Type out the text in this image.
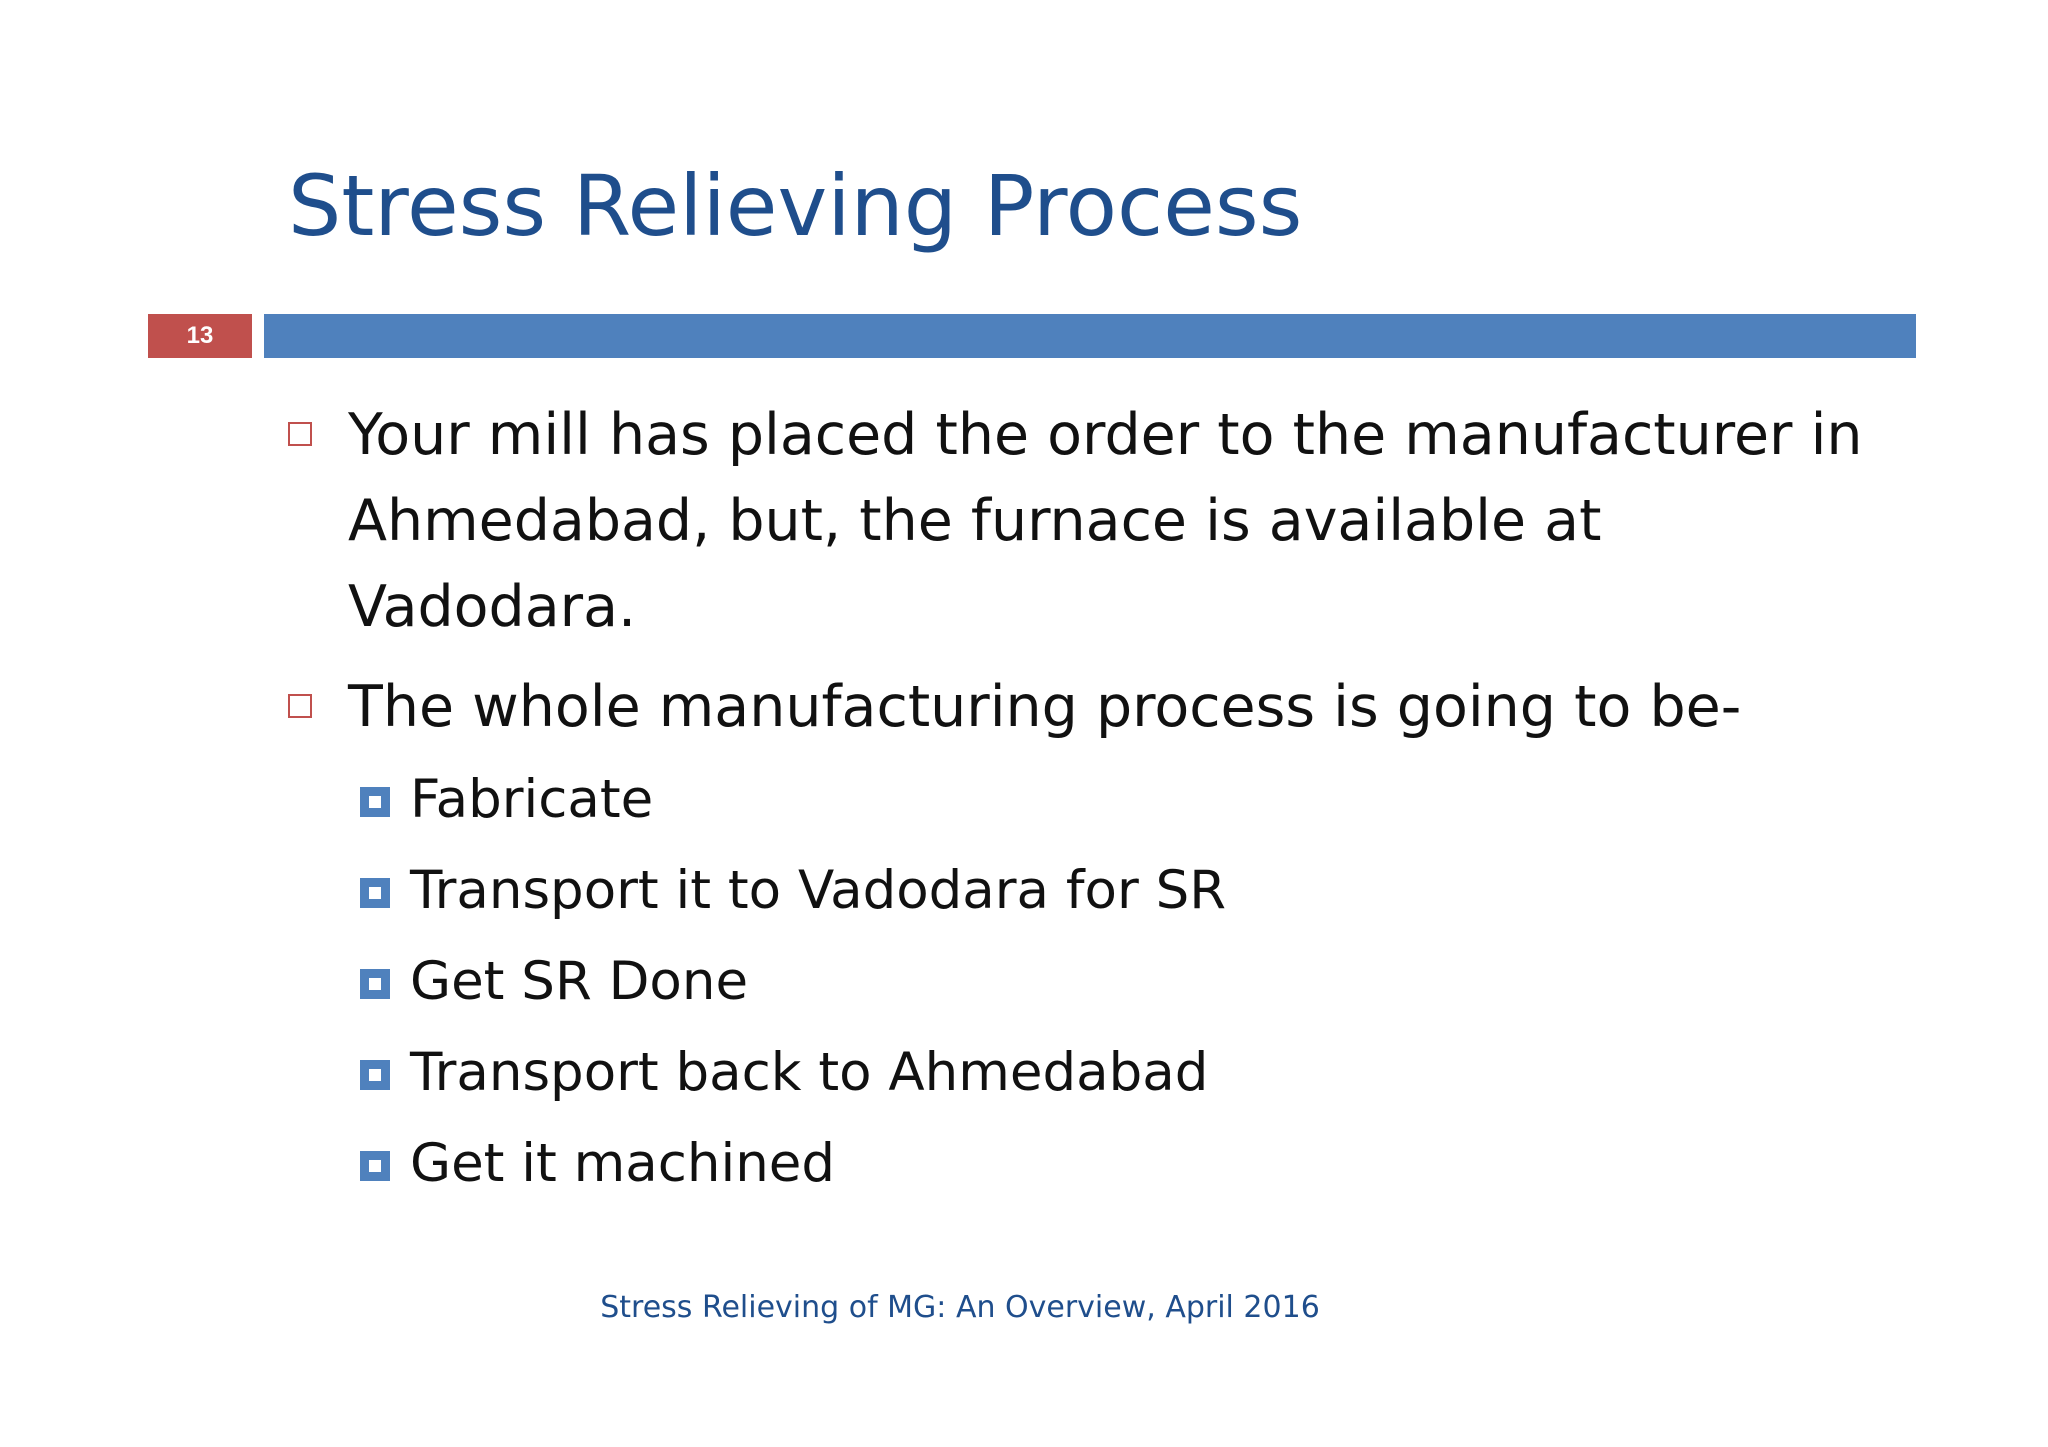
Stress Relieving Process
13
Your mill has placed the order to the manufacturer in Ahmedabad, but, the furnace is available at Vadodara.
The whole manufacturing process is going to be-
Fabricate
Transport it to Vadodara for SR
Get SR Done
Transport back to Ahmedabad
Get it machined
Stress Relieving of MG: An Overview, April 2016
